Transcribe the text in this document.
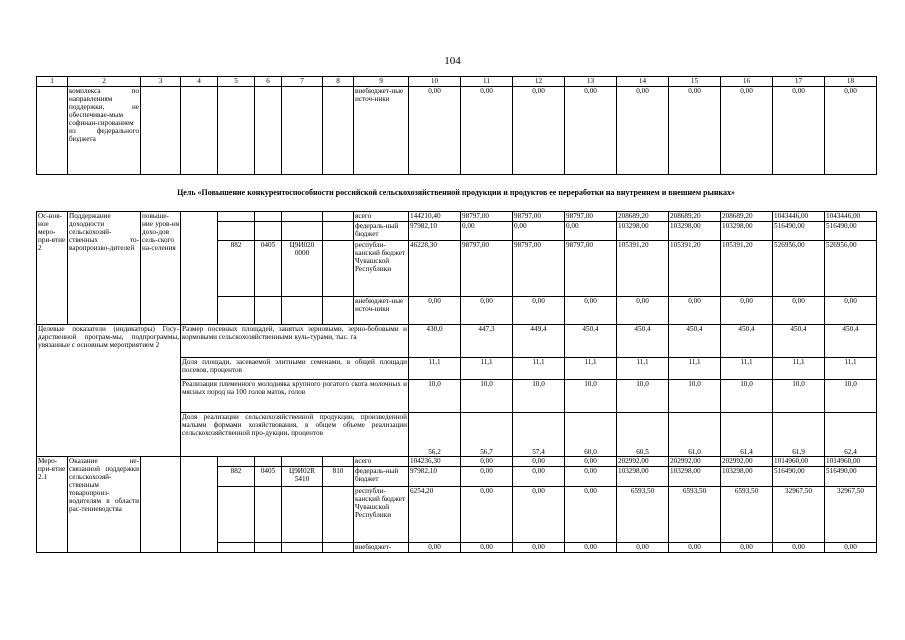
104
1	2	3	4	5	6	7	8	9	10	11	12	13	14	15	16	17	18
	комплекса по направлениям поддержки, не обеспечивае-мым софинан-сированием из федерального бюджета							внебюджет-ные источ-ники	0,00	0,00	0,00	0,00	0,00	0,00	0,00	0,00	0,00
Цель «Повышение конкурентоспособности российской сельскохозяйственной продукции и продуктов ее переработки на внутреннем и внешнем рынках»
Ос-нов-ное меро-при-ятие 2	Поддержание доходности сельскохозяй-ственных то-варопроизво-дителей	повыше-ние уров-ня дохо-дов сель-ского на-селения						всего	144210,40	98797,00	98797,00	98797,00	208689,20	208689,20	208689,20	1043446,00	1043446,00
								федераль-ный бюджет	97982,10	0,00	0,00	0,00	103298,00	103298,00	103298,00	516490,00	516490,00
				882	0405	Ц9И020 0000		республи-канский бюджет Чувашской Республики	46228,30	98797,00	98797,00	98797,00	105391,20	105391,20	105391,20	526956,00	526956,00
								внебюджет-ные источ-ники	0,00	0,00	0,00	0,00	0,00	0,00	0,00	0,00	0,00
Целевые показатели (индикаторы) Госу-дарственной програм-мы, подпрограммы, увязанные с основным мероприятием 2			Размер посевных площадей, занятых зерновыми, зерно-бобовыми и кормовыми сельскохозяйственными куль-турами, тыс. га						430,0	447,3	449,4	450,4	450,4	450,4	450,4	450,4	450,4
			Доля площади, засеваемой элитными семенами, в общей площади посевов, процентов						11,1	11,1	11,1	11,1	11,1	11,1	11,1	11,1	11,1
			Реализация племенного молодняка крупного рогатого скота молочных и мясных пород на 100 голов маток, голов						10,0	10,0	10,0	10,0	10,0	10,0	10,0	10,0	10,0
			Доля реализации сельскохозяйственной продукции, произведенной малыми формами хозяйствования, в общем объеме реализации сельскохозяйственной про-дукции, процентов						56,2	56,7	57,4	60,0	60,5	61,0	61,4	61,9	62,4
Меро-при-ятие 2.1	Оказание не-связанной поддержки сельскохозяй-ственным товаропроиз-водителям в области рас-тениеводства							всего	104236,30	0,00	0,00	0,00	202992,00	202992,00	202992,00	1014960,00	1014960,00
				882	0405	Ц9И02R 5410	810	федераль-ный бюджет	97982,10	0,00	0,00	0,00	103298,00	103298,00	103298,00	516490,00	516490,00
								республи-канский бюджет Чувашской Республики	6254,20	0,00	0,00	0,00	6593,50	6593,50	6593,50	32967,50	32967,50
								внебюджет-	0,00	0,00	0,00	0,00	0,00	0,00	0,00	0,00	0,00
